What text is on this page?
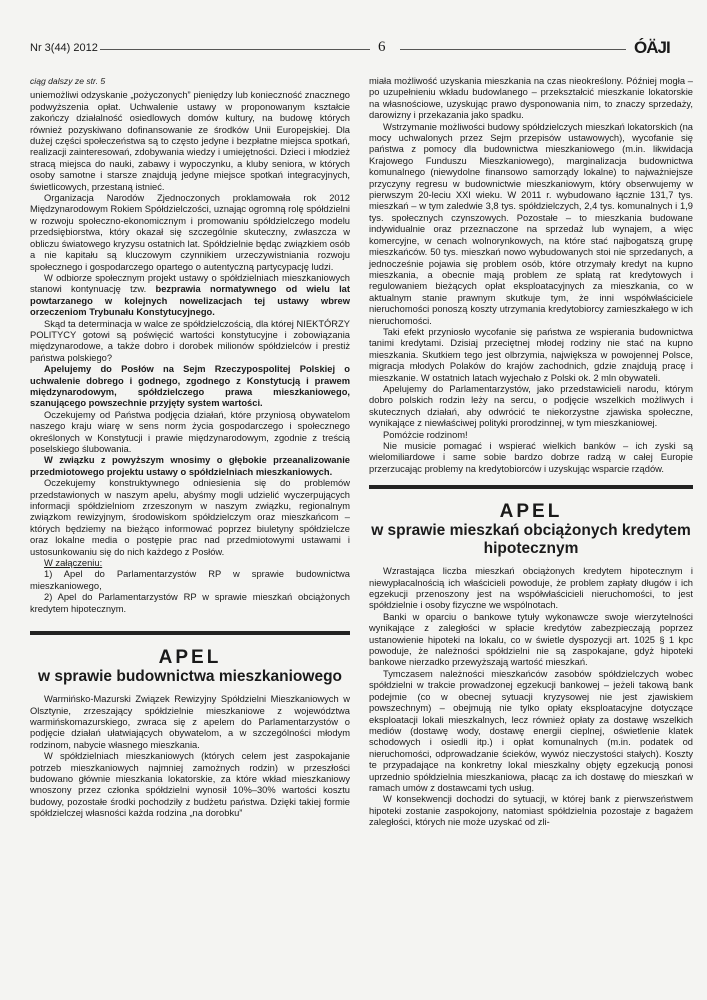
Nr 3(44) 2012	6	ÓÄJI

ciąg dalszy ze str. 5

uniemożliwi odzyskanie „pożyczonych” pieniędzy lub konieczność znacznego podwyższenia opłat. Uchwalenie ustawy w proponowanym kształcie zakończy działalność osiedlowych domów kultury, na budowę których również pozyskiwano dofinansowanie ze środków Unii Europejskiej. Dla dużej części społeczeństwa są to często jedyne i bezpłatne miejsca spotkań, realizacji zainteresowań, zdobywania wiedzy i umiejętności. Dzieci i młodzież stracą miejsca do nauki, zabawy i wypoczynku, a kluby seniora, w których osoby samotne i starsze znajdują jedyne miejsce spotkań integracyjnych, świetlicowych, przestaną istnieć.

Organizacja Narodów Zjednoczonych proklamowała rok 2012 Międzynarodowym Rokiem Spółdzielczości, uznając ogromną rolę spółdzielni w rozwoju społeczno-ekonomicznym i promowaniu spółdzielczego modelu przedsiębiorstwa, który okazał się szczególnie skuteczny, zwłaszcza w obliczu światowego kryzysu ostatnich lat. Spółdzielnie będąc związkiem osób a nie kapitału są kluczowym czynnikiem urzeczywistniania rozwoju społecznego i gospodarczego opartego o autentyczną partycypację ludzi.

W odbiorze społecznym projekt ustawy o spółdzielniach mieszkaniowych stanowi kontynuację tzw. bezprawia normatywnego od wielu lat powtarzanego w kolejnych nowelizacjach tej ustawy wbrew orzeczeniom Trybunału Konstytucyjnego.

Skąd ta determinacja w walce ze spółdzielczością, dla której NIEKTÓRZY POLITYCY gotowi są poświęcić wartości konstytucyjne i zobowiązania międzynarodowe, a także dobro i dorobek milionów spółdzielców i prestiż państwa polskiego?

Apelujemy do Posłów na Sejm Rzeczypospolitej Polskiej o uchwalenie dobrego i godnego, zgodnego z Konstytucją i prawem międzynarodowym, spółdzielczego prawa mieszkaniowego, szanującego powszechnie przyjęty system wartości.

Oczekujemy od Państwa podjęcia działań, które przyniosą obywatelom naszego kraju wiarę w sens norm życia gospodarczego i społecznego określonych w Konstytucji i prawie międzynarodowym, zgodnie z treścią poselskiego ślubowania.

W związku z powyższym wnosimy o głębokie przeanalizowanie przedmiotowego projektu ustawy o spółdzielniach mieszkaniowych.

Oczekujemy konstruktywnego odniesienia się do problemów przedstawionych w naszym apelu, abyśmy mogli udzielić wyczerpujących informacji spółdzielniom zrzeszonym w naszym związku, regionalnym związkom rewizyjnym, środowiskom spółdzielczym oraz mieszkańcom – których będziemy na bieżąco informować poprzez biuletyny spółdzielcze oraz lokalne media o postępie prac nad przedmiotowymi ustawami i ustosunkowaniu się do nich każdego z Posłów.

W załączeniu:

1) Apel do Parlamentarzystów RP w sprawie budownictwa mieszkaniowego,

2) Apel do Parlamentarzystów RP w sprawie mieszkań obciążonych kredytem hipotecznym.

APEL
w sprawie budownictwa mieszkaniowego

Warmińsko-Mazurski Związek Rewizyjny Spółdzielni Mieszkaniowych w Olsztynie, zrzeszający spółdzielnie mieszkaniowe z województwa warmińskomazurskiego, zwraca się z apelem do Parlamentarzystów o podjęcie działań ułatwiających obywatelom, a w szczególności młodym rodzinom, nabycie własnego mieszkania.

W spółdzielniach mieszkaniowych (których celem jest zaspokajanie potrzeb mieszkaniowych najmniej zamożnych rodzin) w przeszłości budowano głównie mieszkania lokatorskie, za które wkład mieszkaniowy wnoszony przez członka spółdzielni wynosił 10%–30% wartości kosztu budowy, pozostałe środki pochodziły z budżetu państwa. Dzięki takiej formie spółdzielczej własności każda rodzina „na dorobku”

miała możliwość uzyskania mieszkania na czas nieokreślony. Później mogła – po uzupełnieniu wkładu budowlanego – przekształcić mieszkanie lokatorskie na własnościowe, uzyskując prawo dysponowania nim, to znaczy sprzedaży, darowizny i przekazania jako spadku.

Wstrzymanie możliwości budowy spółdzielczych mieszkań lokatorskich (na mocy uchwalonych przez Sejm przepisów ustawowych), wycofanie się państwa z pomocy dla budownictwa mieszkaniowego (m.in. likwidacja Krajowego Funduszu Mieszkaniowego), marginalizacja budownictwa komunalnego (niewydolne finansowo samorządy lokalne) to najważniejsze przyczyny regresu w budownictwie mieszkaniowym, który obserwujemy w pierwszym 20-leciu XXI wieku. W 2011 r. wybudowano łącznie 131,7 tys. mieszkań – w tym zaledwie 3,8 tys. spółdzielczych, 2,4 tys. komunalnych i 1,9 tys. społecznych czynszowych. Pozostałe – to mieszkania budowane indywidualnie oraz przeznaczone na sprzedaż lub wynajem, a więc komercyjne, w cenach wolnorynkowych, na które stać najbogatszą grupę mieszkańców. 50 tys. mieszkań nowo wybudowanych stoi nie sprzedanych, a jednocześnie pojawia się problem osób, które otrzymały kredyt na kupno mieszkania, a obecnie mają problem ze spłatą rat kredytowych i regulowaniem bieżących opłat eksploatacyjnych za mieszkania, co w aktualnym stanie prawnym skutkuje tym, że inni współwłaściciele nieruchomości ponoszą koszty utrzymania kredytobiorcy zamieszkałego w ich nieruchomości.

Taki efekt przyniosło wycofanie się państwa ze wspierania budownictwa tanimi kredytami. Dzisiaj przeciętnej młodej rodziny nie stać na kupno mieszkania. Skutkiem tego jest olbrzymia, największa w powojennej Polsce, migracja młodych Polaków do krajów zachodnich, gdzie znajdują pracę i mieszkanie. W ostatnich latach wyjechało z Polski ok. 2 mln obywateli.

Apelujemy do Parlamentarzystów, jako przedstawicieli narodu, którym dobro polskich rodzin leży na sercu, o podjęcie wszelkich możliwych i skutecznych działań, aby odwrócić te niekorzystne zjawiska społeczne, wynikające z niewłaściwej polityki prorodzinnej, w tym mieszkaniowej.

Pomóżcie rodzinom!

Nie musicie pomagać i wspierać wielkich banków – ich zyski są wielomiliardowe i same sobie bardzo dobrze radzą w całej Europie przerzucając problemy na kredytobiorców i uzyskując wsparcie rządów.

APEL
w sprawie mieszkań obciążonych kredytem hipotecznym

Wzrastająca liczba mieszkań obciążonych kredytem hipotecznym i niewypłacalnością ich właścicieli powoduje, że problem zapłaty długów i ich egzekucji przenoszony jest na współwłaścicieli nieruchomości, to jest spółdzielnie i osoby fizyczne we wspólnotach.

Banki w oparciu o bankowe tytuły wykonawcze swoje wierzytelności wynikające z zaległości w spłacie kredytów zabezpieczają poprzez ustanowienie hipoteki na lokalu, co w świetle dyspozycji art. 1025 § 1 kpc powoduje, że należności spółdzielni nie są zaspokajane, gdyż hipoteki bankowe nierzadko przewyższają wartość mieszkań.

Tymczasem należności mieszkańców zasobów spółdzielczych wobec spółdzielni w trakcie prowadzonej egzekucji bankowej – jeżeli takową bank podejmie (co w obecnej sytuacji kryzysowej nie jest zjawiskiem powszechnym) – obejmują nie tylko opłaty eksploatacyjne dotyczące eksploatacji lokali mieszkalnych, lecz również opłaty za dostawę wszelkich mediów (dostawę wody, dostawę energii cieplnej, oświetlenie klatek schodowych i osiedli itp.) i opłat komunalnych (m.in. podatek od nieruchomości, odprowadzanie ścieków, wywóz nieczystości stałych). Koszty te przypadające na konkretny lokal mieszkalny objęty egzekucją ponosi uprzednio spółdzielnia mieszkaniowa, płacąc za ich dostawę do mieszkań w ramach umów z dostawcami tych usług.

W konsekwencji dochodzi do sytuacji, w której bank z pierwszeństwem hipoteki zostanie zaspokojony, natomiast spółdzielnia pozostaje z bagażem zaległości, których nie może uzyskać od zli-
